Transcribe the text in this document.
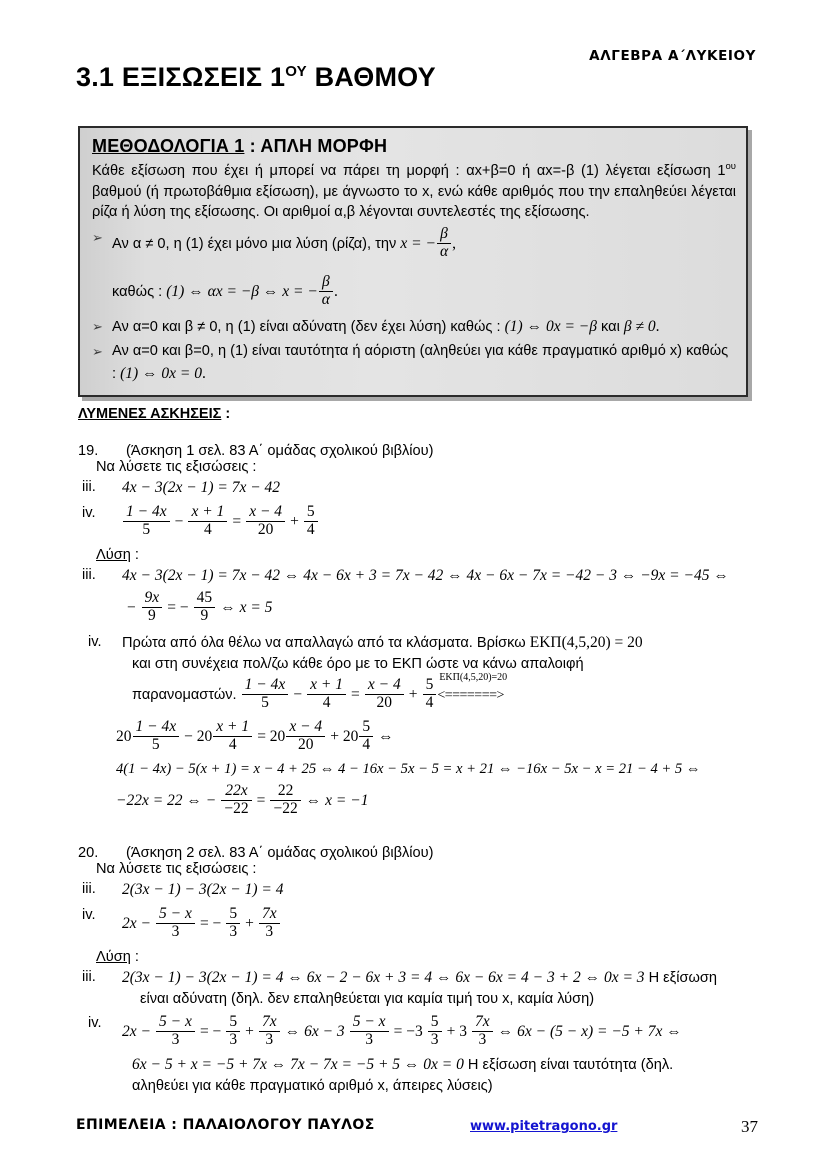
ΑΛΓΕΒΡΑ Α΄ΛΥΚΕΙΟΥ
3.1 ΕΞΙΣΩΣΕΙΣ $1^{O\Upsilon}$ ΒΑΘΜΟΥ
ΜΕΘΟΔΟΛΟΓΙΑ 1 : ΑΠΛΗ ΜΟΡΦΗ

Κάθε εξίσωση που έχει ή μπορεί να πάρει τη μορφή : αx+β=0 ή αx=-β (1) λέγεται εξίσωση $1^{o\upsilon}$ βαθμού (ή πρωτοβάθμια εξίσωση), με άγνωστο το x, ενώ κάθε αριθμός που την επαληθεύει λέγεται ρίζα ή λύση της εξίσωσης. Οι αριθμοί α,β λέγονται συντελεστές της εξίσωσης.

➢ Αν α ≠ 0, η (1) έχει μόνο μια λύση (ρίζα), την x = − $\frac{\beta}{\alpha}$ ,
καθώς : (1) ⇔ αx = −β ⇔ x = − $\frac{\beta}{\alpha}$ .
➢ Αν α=0 και β ≠ 0, η (1) είναι αδύνατη (δεν έχει λύση) καθώς : (1) ⇔ 0x = −β και β ≠ 0.
➢ Αν α=0 και β=0, η (1) είναι ταυτότητα ή αόριστη (αληθεύει για κάθε πραγματικό αριθμό x) καθώς : (1) ⇔ 0x = 0.
ΛΥΜΕΝΕΣ ΑΣΚΗΣΕΙΣ :
19.	(Άσκηση 1 σελ. 83 Α΄ ομάδας σχολικού βιβλίου)
Να λύσετε τις εξισώσεις :
iii.	4x − 3(2x − 1) = 7x − 42
iv.	$\frac{1 - 4x}{5} - \frac{x + 1}{4} = \frac{x - 4}{20} + \frac{5}{4}$
Λύση :
iii.	4x − 3(2x − 1) = 7x − 42 ⇔ 4x − 6x + 3 = 7x − 42 ⇔ 4x − 6x − 7x = −42 − 3 ⇔ −9x = −45 ⇔
− $\frac{9x}{9}$ = − $\frac{45}{9}$ ⇔ x = 5
iv.	Πρώτα από όλα θέλω να απαλλαγώ από τα κλάσματα. Βρίσκω ΕΚΠ(4,5,20) = 20
και στη συνέχεια πολ/ζω κάθε όρο με το ΕΚΠ ώστε να κάνω απαλοιφή
παρανομαστών. $\frac{1 - 4x}{5} - \frac{x + 1}{4} = \frac{x - 4}{20} + \frac{5}{4} EK\Pi(4,5,20)=20$
<=======>
$20 \frac{1 - 4x}{5} - 20 \frac{x + 1}{4} = 20 \frac{x - 4}{20} + 20 \frac{5}{4}$ ⇔
4(1 − 4x) − 5(x + 1) = x − 4 + 25 ⇔ 4 − 16x − 5x − 5 = x + 21 ⇔ −16x − 5x − x = 21 − 4 + 5 ⇔
−22x = 22 ⇔ − $\frac{22x}{-22} = \frac{22}{-22}$ ⇔ x = −1
20.	(Άσκηση 2 σελ. 83 Α΄ ομάδας σχολικού βιβλίου)
Να λύσετε τις εξισώσεις :
iii.	2(3x − 1) − 3(2x − 1) = 4
iv.
$2x - \frac{5 - x}{3}$ = − $\frac{5}{3} + \frac{7x}{3}$
Λύση :
iii.	2(3x − 1) − 3(2x − 1) = 4 ⇔ 6x − 2 − 6x + 3 = 4 ⇔ 6x − 6x = 4 − 3 + 2 ⇔ 0x = 3 Η εξίσωση
είναι αδύνατη (δηλ. δεν επαληθεύεται για καμία τιμή του x, καμία λύση)
iv.
$2x - \frac{5 - x}{3}$ = − $\frac{5}{3} + \frac{7x}{3}$ ⇔ $6x - 3 \frac{5 - x}{3} = -3 \frac{5}{3} + 3 \frac{7x}{3}$ ⇔ 6x − (5 − x) = −5 + 7x ⇔
6x − 5 + x = −5 + 7x ⇔ 7x − 7x = −5 + 5 ⇔ 0x = 0 Η εξίσωση είναι ταυτότητα (δηλ.
αληθεύει για κάθε πραγματικό αριθμό x, άπειρες λύσεις)
ΕΠΙΜΕΛΕΙΑ : ΠΑΛΑΙΟΛΟΓΟΥ ΠΑΥΛΟΣ	www.pitetragono.gr	37
